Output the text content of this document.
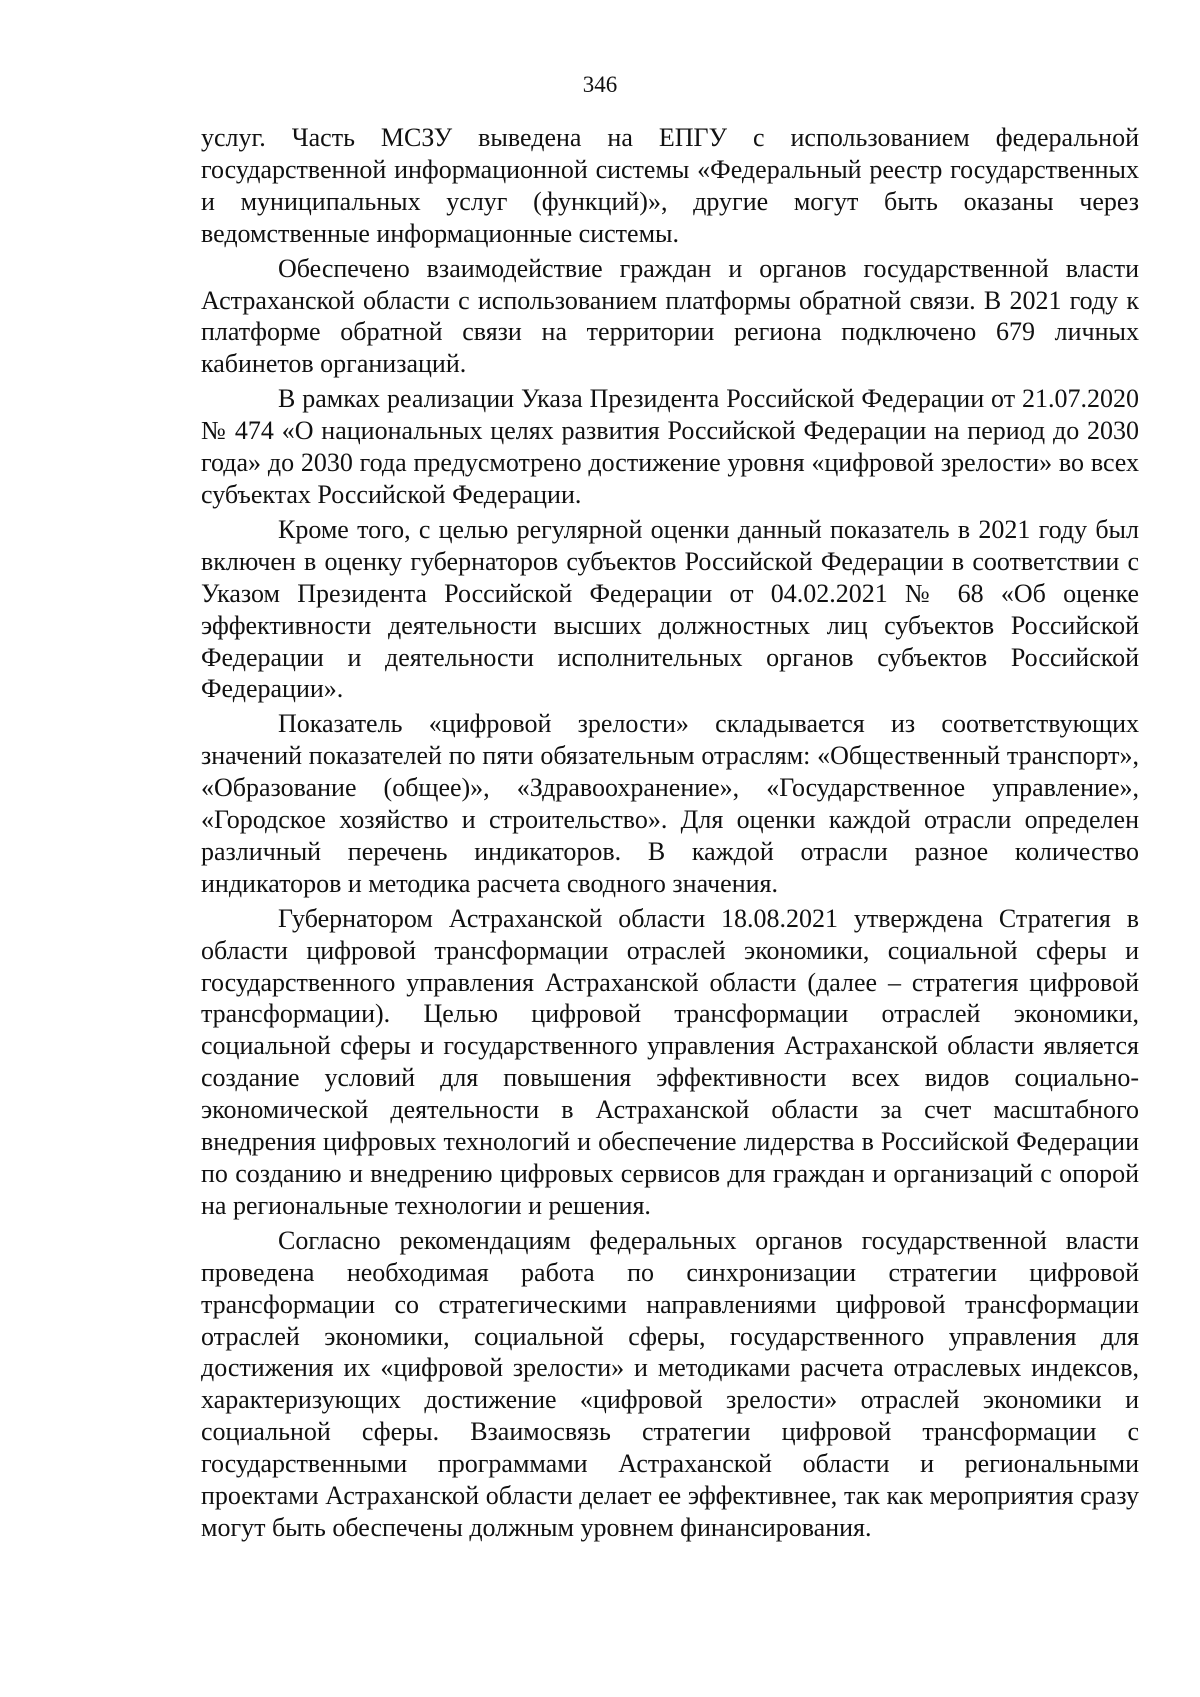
346

услуг. Часть МСЗУ выведена на ЕПГУ с использованием федеральной государственной информационной системы «Федеральный реестр государственных и муниципальных услуг (функций)», другие могут быть оказаны через ведомственные информационные системы.

Обеспечено взаимодействие граждан и органов государственной власти Астраханской области с использованием платформы обратной связи. В 2021 году к платформе обратной связи на территории региона подключено 679 личных кабинетов организаций.

В рамках реализации Указа Президента Российской Федерации от 21.07.2020 № 474 «О национальных целях развития Российской Федерации на период до 2030 года» до 2030 года предусмотрено достижение уровня «цифровой зрелости» во всех субъектах Российской Федерации.

Кроме того, с целью регулярной оценки данный показатель в 2021 году был включен в оценку губернаторов субъектов Российской Федерации в соответствии с Указом Президента Российской Федерации от 04.02.2021 № 68 «Об оценке эффективности деятельности высших должностных лиц субъектов Российской Федерации и деятельности исполнительных органов субъектов Российской Федерации».

Показатель «цифровой зрелости» складывается из соответствующих значений показателей по пяти обязательным отраслям: «Общественный транспорт», «Образование (общее)», «Здравоохранение», «Государственное управление», «Городское хозяйство и строительство». Для оценки каждой отрасли определен различный перечень индикаторов. В каждой отрасли разное количество индикаторов и методика расчета сводного значения.

Губернатором Астраханской области 18.08.2021 утверждена Стратегия в области цифровой трансформации отраслей экономики, социальной сферы и государственного управления Астраханской области (далее – стратегия цифровой трансформации). Целью цифровой трансформации отраслей экономики, социальной сферы и государственного управления Астраханской области является создание условий для повышения эффективности всех видов социально-экономической деятельности в Астраханской области за счет масштабного внедрения цифровых технологий и обеспечение лидерства в Российской Федерации по созданию и внедрению цифровых сервисов для граждан и организаций с опорой на региональные технологии и решения.

Согласно рекомендациям федеральных органов государственной власти проведена необходимая работа по синхронизации стратегии цифровой трансформации со стратегическими направлениями цифровой трансформации отраслей экономики, социальной сферы, государственного управления для достижения их «цифровой зрелости» и методиками расчета отраслевых индексов, характеризующих достижение «цифровой зрелости» отраслей экономики и социальной сферы. Взаимосвязь стратегии цифровой трансформации с государственными программами Астраханской области и региональными проектами Астраханской области делает ее эффективнее, так как мероприятия сразу могут быть обеспечены должным уровнем финансирования.
